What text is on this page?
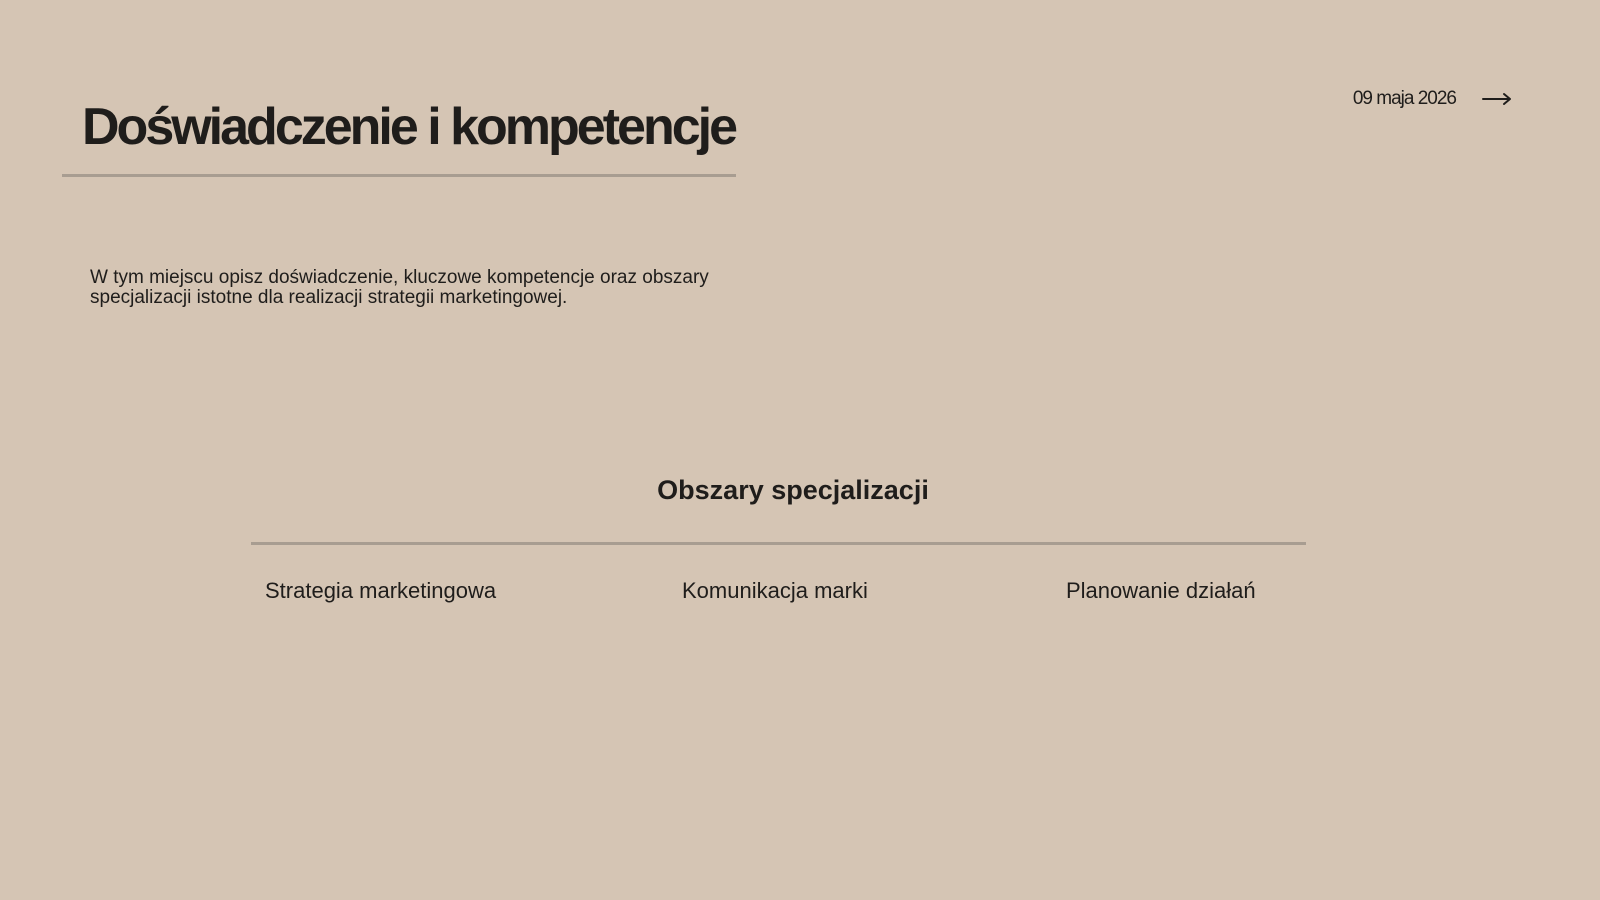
Doświadczenie i kompetencje	09 maja 2026

W tym miejscu opisz doświadczenie, kluczowe kompetencje oraz obszary specjalizacji istotne dla realizacji strategii marketingowej.

Obszary specjalizacji
Strategia marketingowa	Komunikacja marki	Planowanie działań
